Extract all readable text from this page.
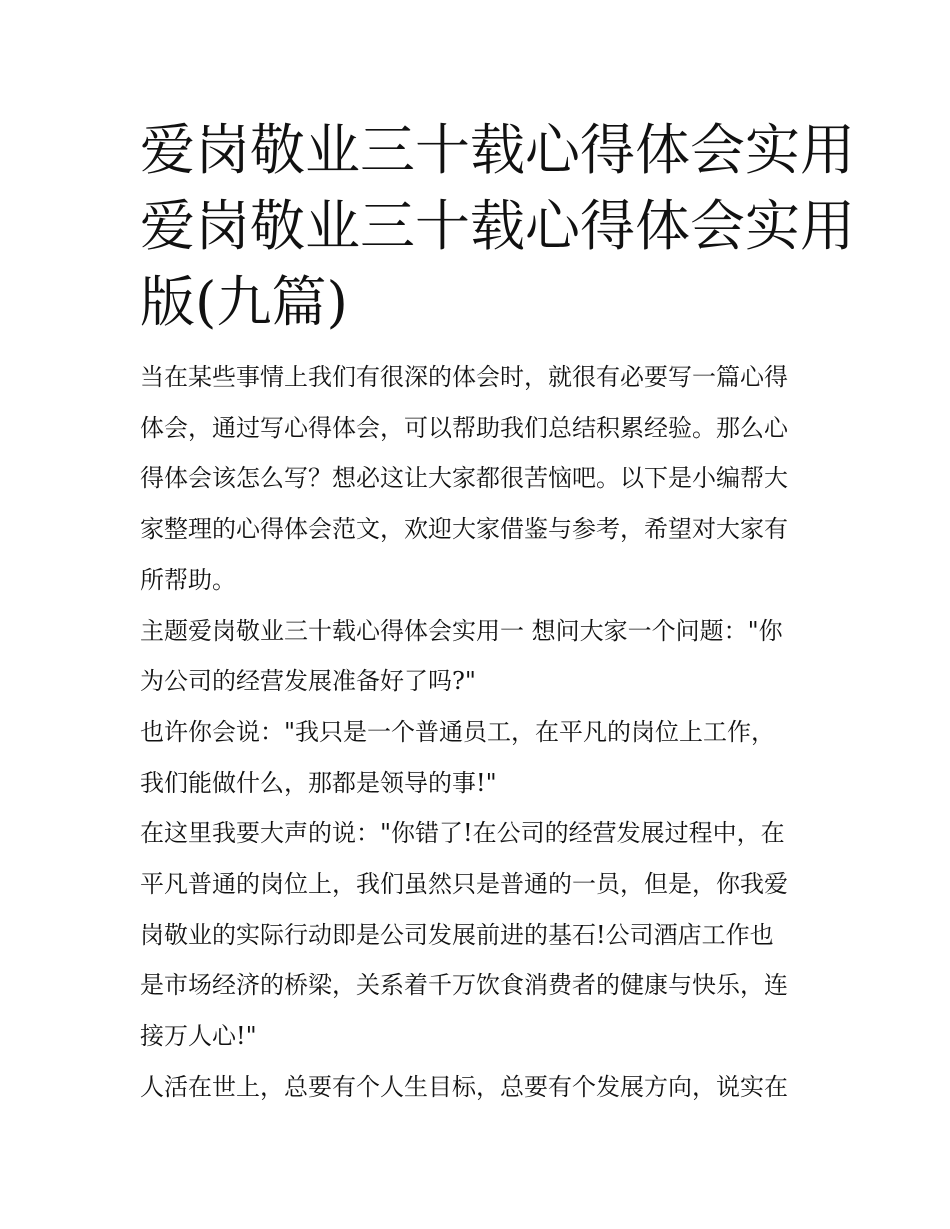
爱岗敬业三十载心得体会实用
爱岗敬业三十载心得体会实用
版(九篇)

当在某些事情上我们有很深的体会时，就很有必要写一篇心得
体会，通过写心得体会，可以帮助我们总结积累经验。那么心
得体会该怎么写？想必这让大家都很苦恼吧。以下是小编帮大
家整理的心得体会范文，欢迎大家借鉴与参考，希望对大家有
所帮助。

主题爱岗敬业三十载心得体会实用一 想问大家一个问题："你
为公司的经营发展准备好了吗?"

也许你会说："我只是一个普通员工，在平凡的岗位上工作，
我们能做什么，那都是领导的事!"

在这里我要大声的说："你错了!在公司的经营发展过程中，在
平凡普通的岗位上，我们虽然只是普通的一员，但是，你我爱
岗敬业的实际行动即是公司发展前进的基石!公司酒店工作也
是市场经济的桥梁，关系着千万饮食消费者的健康与快乐，连
接万人心!"

人活在世上，总要有个人生目标，总要有个发展方向，说实在
